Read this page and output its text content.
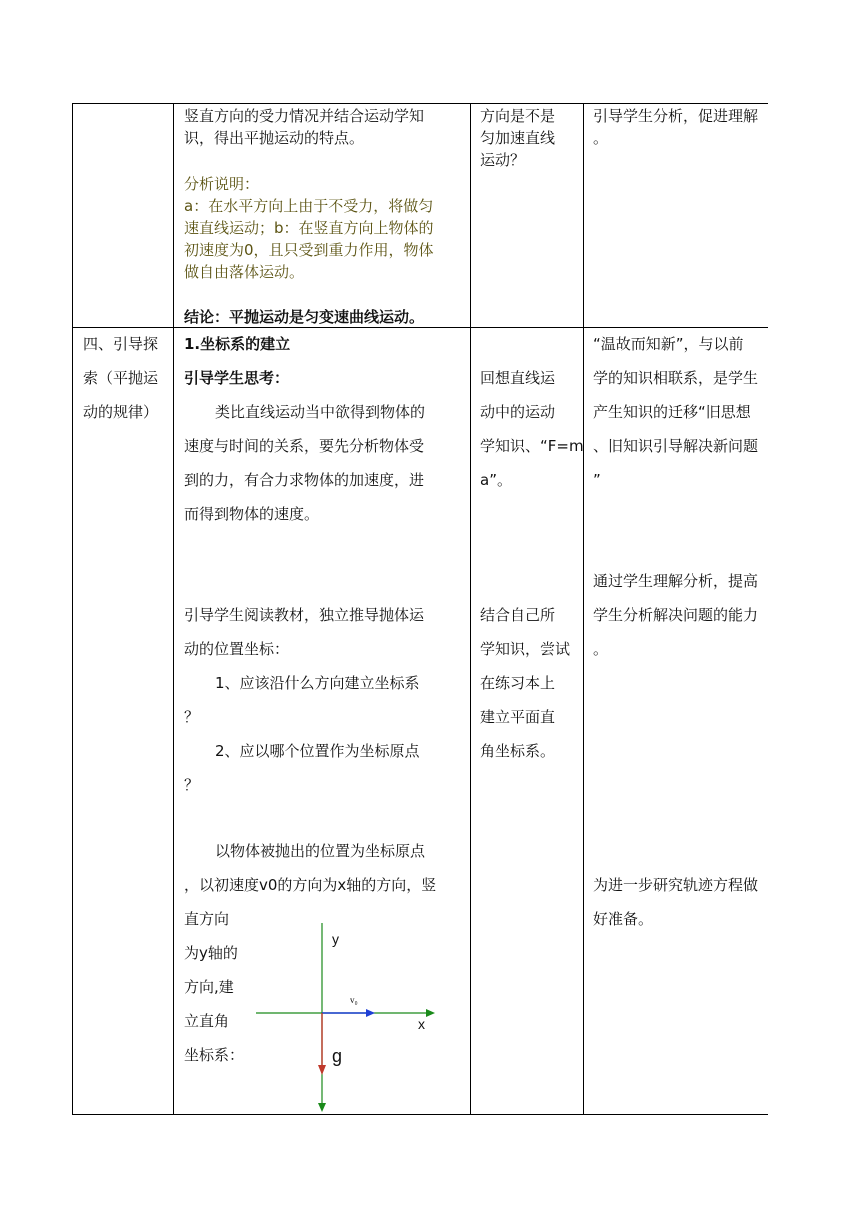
竖直方向的受力情况并结合运动学知
识，得出平抛运动的特点。
分析说明：
a：在水平方向上由于不受力，将做匀
速直线运动；b：在竖直方向上物体的
初速度为0，且只受到重力作用，物体
做自由落体运动。
结论：平抛运动是匀变速曲线运动。
方向是不是
匀加速直线
运动？
引导学生分析，促进理解
。
四、引导探
索（平抛运
动的规律）
1.坐标系的建立
引导学生思考：
类比直线运动当中欲得到物体的
速度与时间的关系，要先分析物体受
到的力，有合力求物体的加速度，进
而得到物体的速度。
引导学生阅读教材，独立推导抛体运
动的位置坐标：
1、应该沿什么方向建立坐标系
？
2、应以哪个位置作为坐标原点
？
以物体被抛出的位置为坐标原点
，以初速度v0的方向为x轴的方向，竖
直方向
为y轴的
方向,建
立直角
坐标系：
y
x
v₀
g
回想直线运
动中的运动
学知识、“F=m
a”。
结合自己所
学知识，尝试
在练习本上
建立平面直
角坐标系。
“温故而知新”，与以前
学的知识相联系，是学生
产生知识的迁移“旧思想
、旧知识引导解决新问题
”
通过学生理解分析，提高
学生分析解决问题的能力
。
为进一步研究轨迹方程做
好准备。
